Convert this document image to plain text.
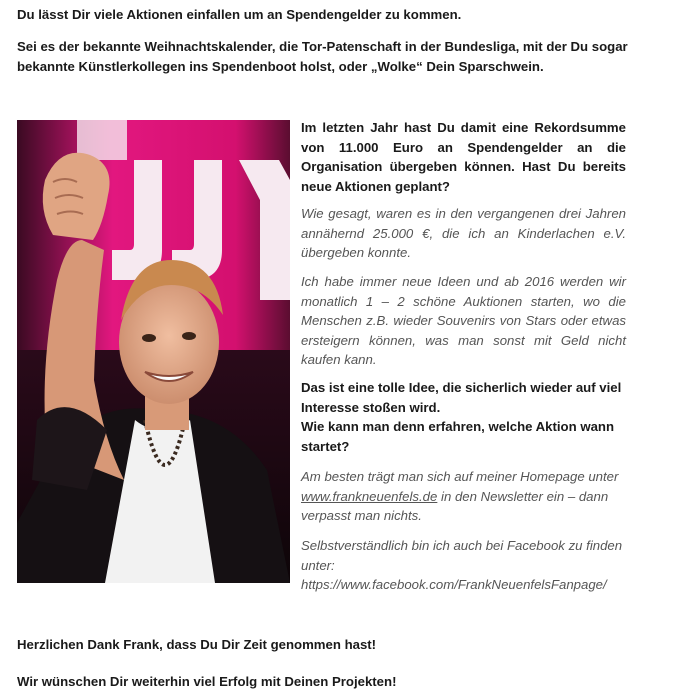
Du lässt Dir viele Aktionen einfallen um an Spendengelder zu kommen.

Sei es der bekannte Weihnachtskalender, die Tor-Patenschaft in der Bundesliga, mit der Du sogar bekannte Künstlerkollegen ins Spendenboot holst, oder „Wolke“ Dein Sparschwein.

Im letzten Jahr hast Du damit eine Rekordsumme von 11.000 Euro an Spendengelder an die Organisation übergeben können. Hast Du bereits neue Aktionen geplant?

Wie gesagt, waren es in den vergangenen drei Jahren annähernd 25.000 €, die ich an Kinderlachen e.V. übergeben konnte.

Ich habe immer neue Ideen und ab 2016 werden wir monatlich 1 – 2 schöne Auktionen starten, wo die Menschen z.B. wieder Souvenirs von Stars oder etwas ersteigern können, was man sonst mit Geld nicht kaufen kann.

Das ist eine tolle Idee, die sicherlich wieder auf viel Interesse stoßen wird.
Wie kann man denn erfahren, welche Aktion wann startet?

Am besten trägt man sich auf meiner Homepage unter
www.frankneuenfels.de in den Newsletter ein – dann verpasst man nichts.

Selbstverständlich bin ich auch bei Facebook zu finden unter:
https://www.facebook.com/FrankNeuenfelsFanpage/

Herzlichen Dank Frank, dass Du Dir Zeit genommen hast!

Wir wünschen Dir weiterhin viel Erfolg mit Deinen Projekten!
